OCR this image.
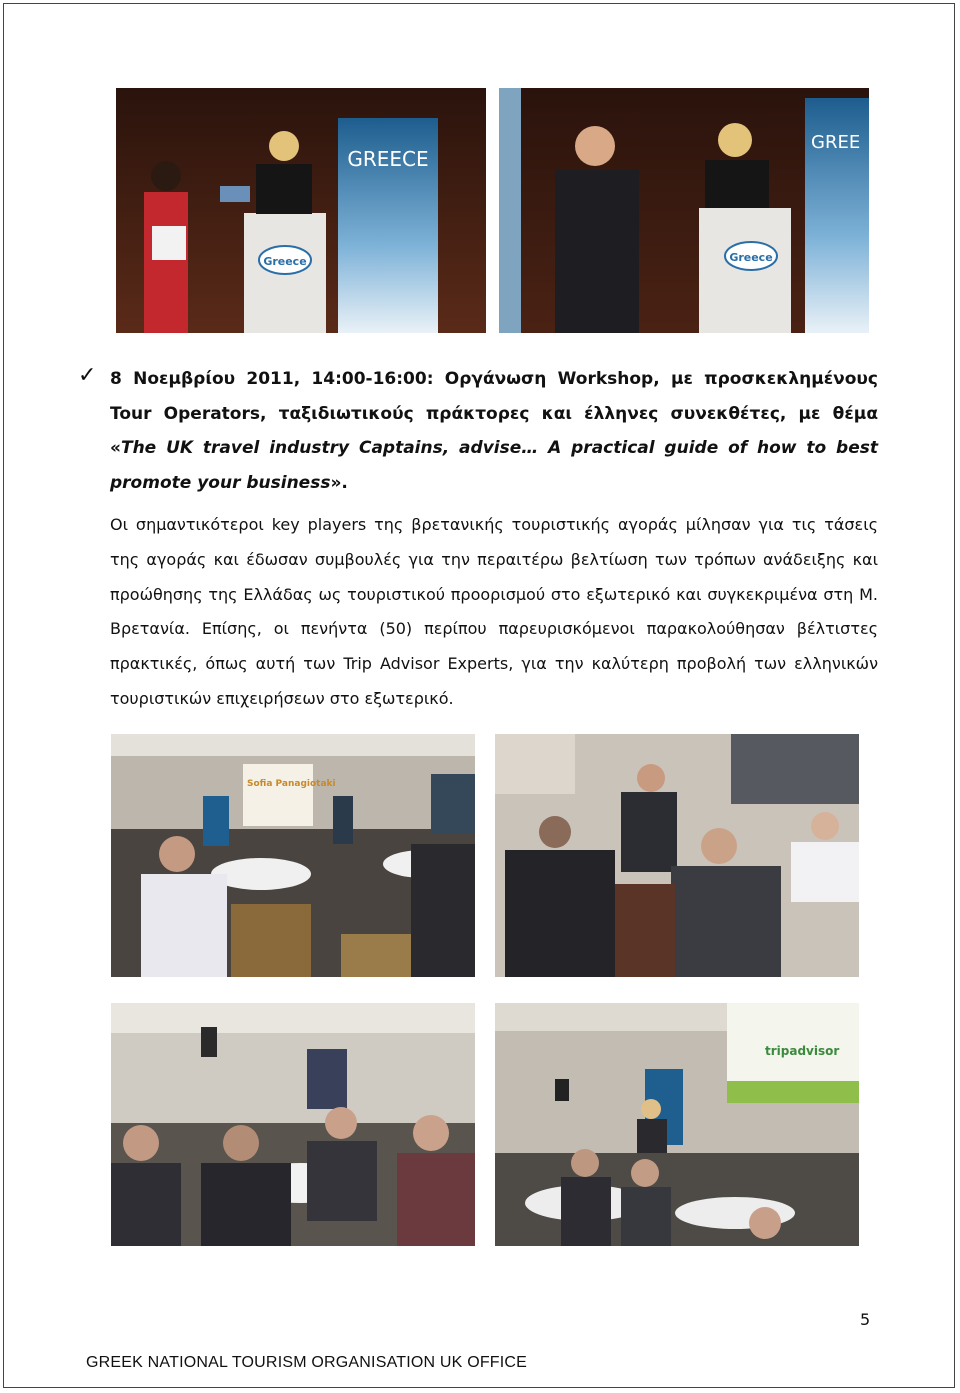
GREECE
Greece
GREE
Greece
✓ 8 Νοεμβρίου 2011, 14:00-16:00: Οργάνωση Workshop, με προσκεκλημένους Tour Operators, ταξιδιωτικούς πράκτορες και έλληνες συνεκθέτες, με θέμα «The UK travel industry Captains, advise… A practical guide of how to best promote your business».
Οι σημαντικότεροι key players της βρετανικής τουριστικής αγοράς μίλησαν για τις τάσεις της αγοράς και έδωσαν συμβουλές για την περαιτέρω βελτίωση των τρόπων ανάδειξης και προώθησης της Ελλάδας ως τουριστικού προορισμού στο εξωτερικό και συγκεκριμένα στη Μ. Βρετανία. Επίσης, οι πενήντα (50) περίπου παρευρισκόμενοι παρακολούθησαν βέλτιστες πρακτικές, όπως αυτή των Trip Advisor Experts, για την καλύτερη προβολή των ελληνικών τουριστικών επιχειρήσεων στο εξωτερικό.
Sofia Panagiotaki
tripadvisor
5
GREEK NATIONAL TOURISM ORGANISATION UK OFFICE
